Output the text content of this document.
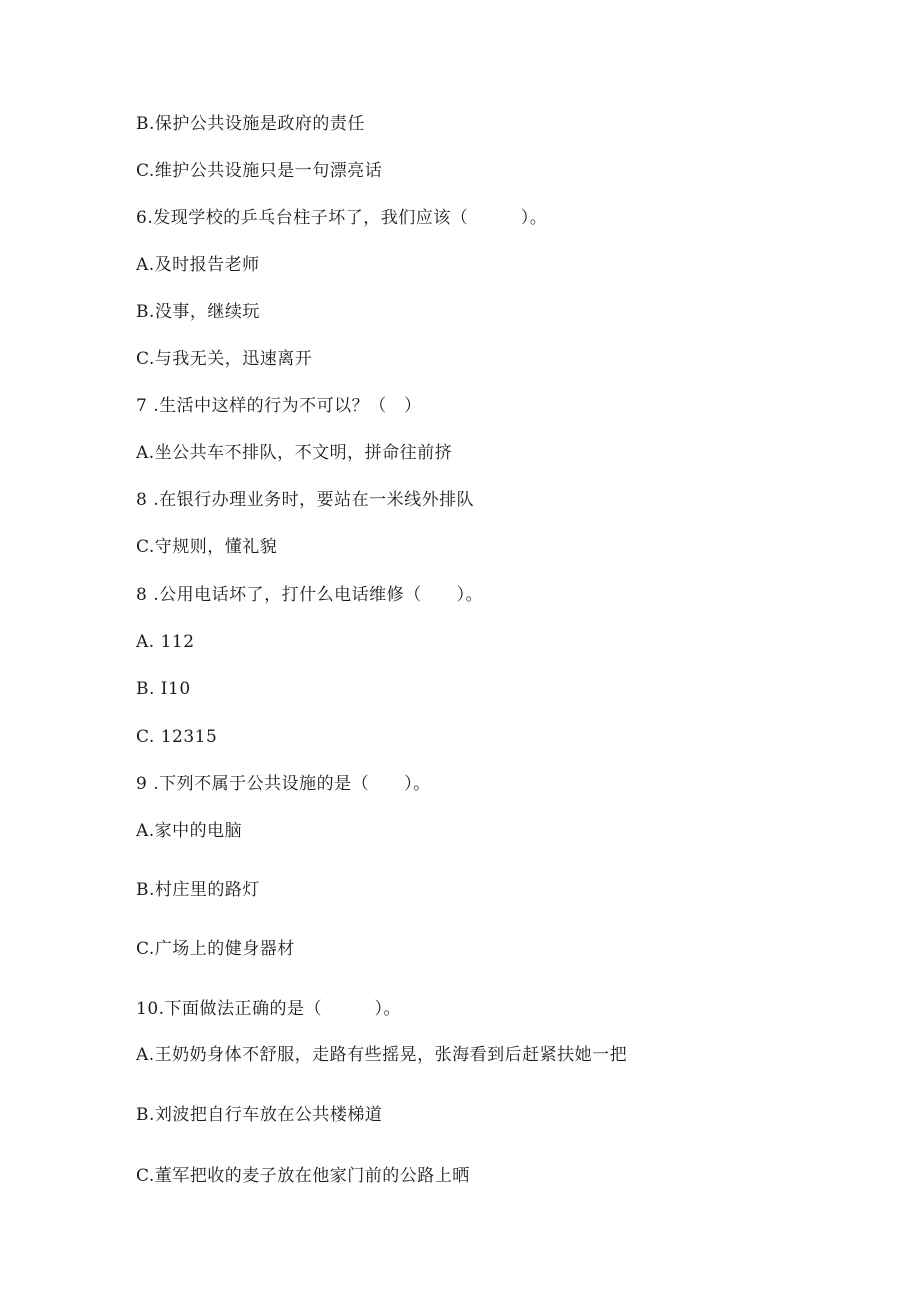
B.保护公共设施是政府的责任
C.维护公共设施只是一句漂亮话
6.发现学校的乒乓台柱子坏了，我们应该（　　　）。
A.及时报告老师
B.没事，继续玩
C.与我无关，迅速离开
7 .生活中这样的行为不可以？（　）
A.坐公共车不排队，不文明，拼命往前挤
8 .在银行办理业务时，要站在一米线外排队
C.守规则，懂礼貌
8 .公用电话坏了，打什么电话维修（　　）。
A. 112
B. I10
C. 12315
9 .下列不属于公共设施的是（　　）。
A.家中的电脑
B.村庄里的路灯
C.广场上的健身器材
10.下面做法正确的是（　　　）。
A.王奶奶身体不舒服，走路有些摇晃，张海看到后赶紧扶她一把
B.刘波把自行车放在公共楼梯道
C.董军把收的麦子放在他家门前的公路上晒
